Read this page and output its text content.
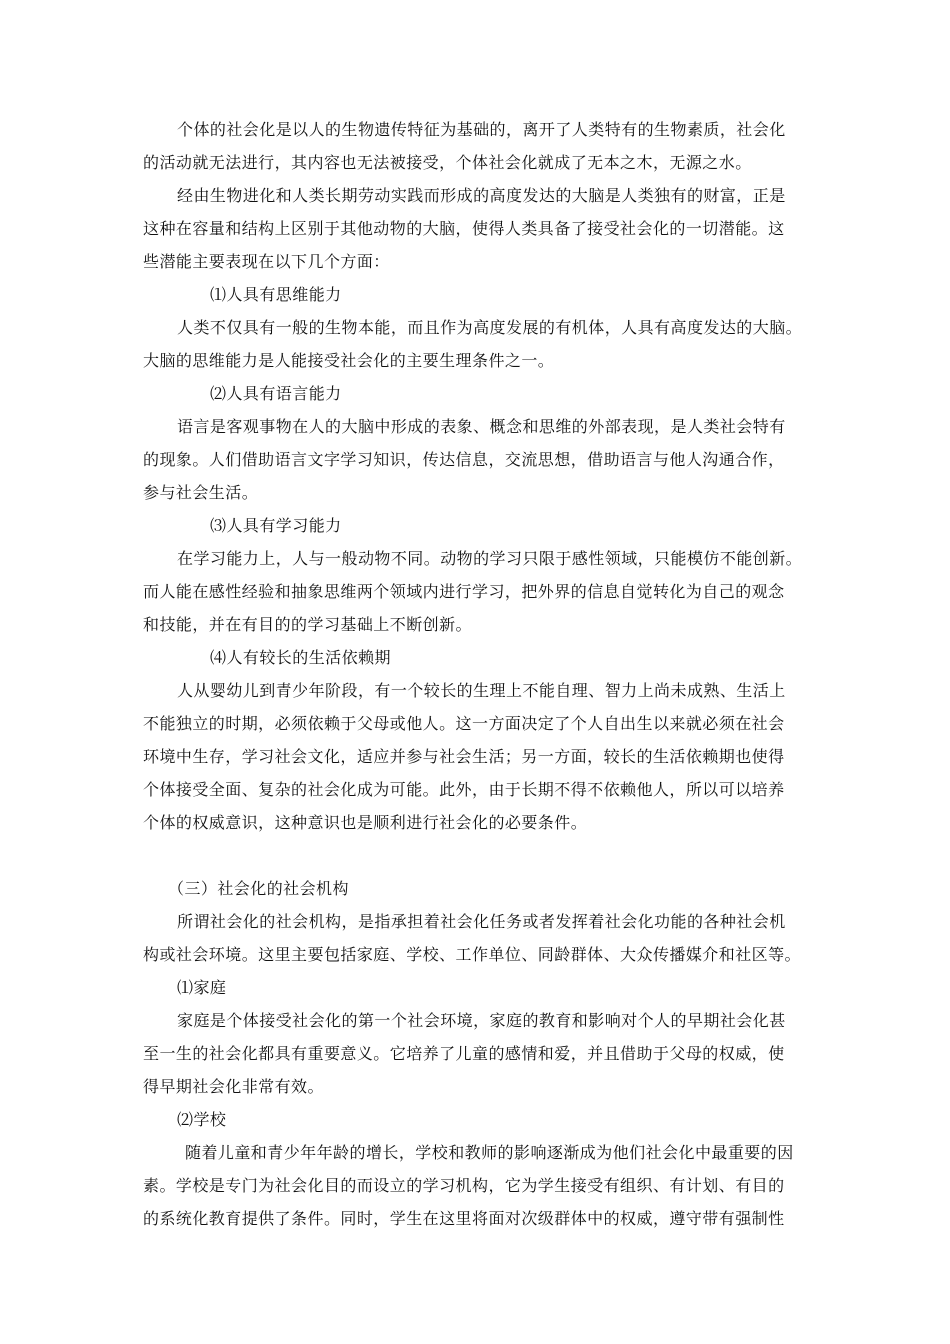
个体的社会化是以人的生物遗传特征为基础的，离开了人类特有的生物素质，社会化
的活动就无法进行，其内容也无法被接受，个体社会化就成了无本之木，无源之水。
经由生物进化和人类长期劳动实践而形成的高度发达的大脑是人类独有的财富，正是
这种在容量和结构上区别于其他动物的大脑，使得人类具备了接受社会化的一切潜能。这
些潜能主要表现在以下几个方面：
⑴人具有思维能力
人类不仅具有一般的生物本能，而且作为高度发展的有机体，人具有高度发达的大脑。
大脑的思维能力是人能接受社会化的主要生理条件之一。
⑵人具有语言能力
语言是客观事物在人的大脑中形成的表象、概念和思维的外部表现，是人类社会特有
的现象。人们借助语言文字学习知识，传达信息，交流思想，借助语言与他人沟通合作，
参与社会生活。
⑶人具有学习能力
在学习能力上，人与一般动物不同。动物的学习只限于感性领域，只能模仿不能创新。
而人能在感性经验和抽象思维两个领域内进行学习，把外界的信息自觉转化为自己的观念
和技能，并在有目的的学习基础上不断创新。
⑷人有较长的生活依赖期
人从婴幼儿到青少年阶段，有一个较长的生理上不能自理、智力上尚未成熟、生活上
不能独立的时期，必须依赖于父母或他人。这一方面决定了个人自出生以来就必须在社会
环境中生存，学习社会文化，适应并参与社会生活；另一方面，较长的生活依赖期也使得
个体接受全面、复杂的社会化成为可能。此外，由于长期不得不依赖他人，所以可以培养
个体的权威意识，这种意识也是顺利进行社会化的必要条件。
（三）社会化的社会机构
所谓社会化的社会机构，是指承担着社会化任务或者发挥着社会化功能的各种社会机
构或社会环境。这里主要包括家庭、学校、工作单位、同龄群体、大众传播媒介和社区等。
⑴家庭
家庭是个体接受社会化的第一个社会环境，家庭的教育和影响对个人的早期社会化甚
至一生的社会化都具有重要意义。它培养了儿童的感情和爱，并且借助于父母的权威，使
得早期社会化非常有效。
⑵学校
随着儿童和青少年年龄的增长，学校和教师的影响逐渐成为他们社会化中最重要的因
素。学校是专门为社会化目的而设立的学习机构，它为学生接受有组织、有计划、有目的
的系统化教育提供了条件。同时，学生在这里将面对次级群体中的权威，遵守带有强制性
